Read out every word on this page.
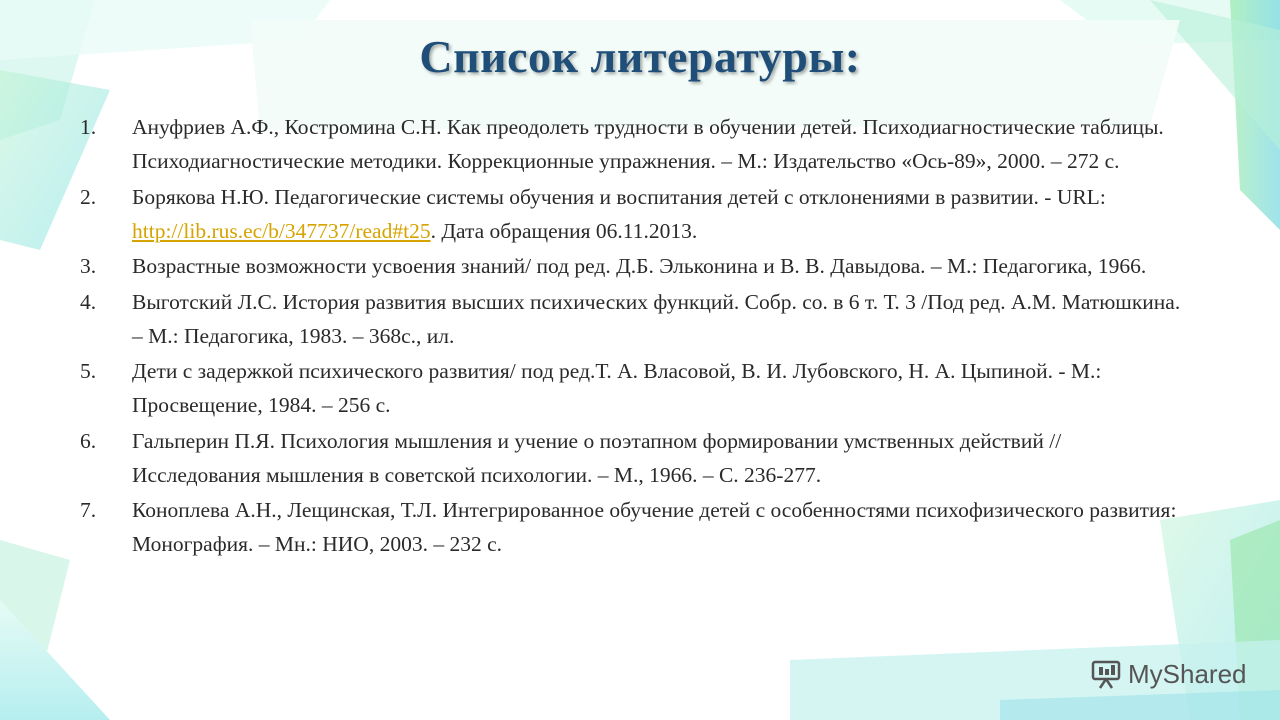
Список литературы:
1.	Ануфриев А.Ф., Костромина С.Н. Как преодолеть трудности в обучении детей. Психодиагностические таблицы. Психодиагностические методики. Коррекционные упражнения. – М.: Издательство «Ось-89», 2000. – 272 с.
2.	Борякова Н.Ю. Педагогические системы обучения и воспитания детей с отклонениями в развитии. - URL: http://lib.rus.ec/b/347737/read#t25. Дата обращения 06.11.2013.
3.	Возрастные возможности усвоения знаний/ под ред. Д.Б. Эльконина и В. В. Давыдова. – М.: Педагогика, 1966.
4.	Выготский Л.С. История развития высших психических функций. Собр. со. в 6 т. Т. 3 /Под ред. А.М. Матюшкина. – М.: Педагогика, 1983. – 368с., ил.
5.	Дети с задержкой психического развития/ под ред.Т. А. Власовой, В. И. Лубовского, Н. А. Цыпиной. - М.: Просвещение, 1984. – 256 с.
6.	Гальперин П.Я. Психология мышления и учение о поэтапном формировании умственных действий // Исследования мышления в советской психологии. – М., 1966. – С. 236-277.
7.	Коноплева А.Н., Лещинская, Т.Л. Интегрированное обучение детей с особенностями психофизического развития: Монография. – Мн.: НИО, 2003. – 232 с.
MyShared
